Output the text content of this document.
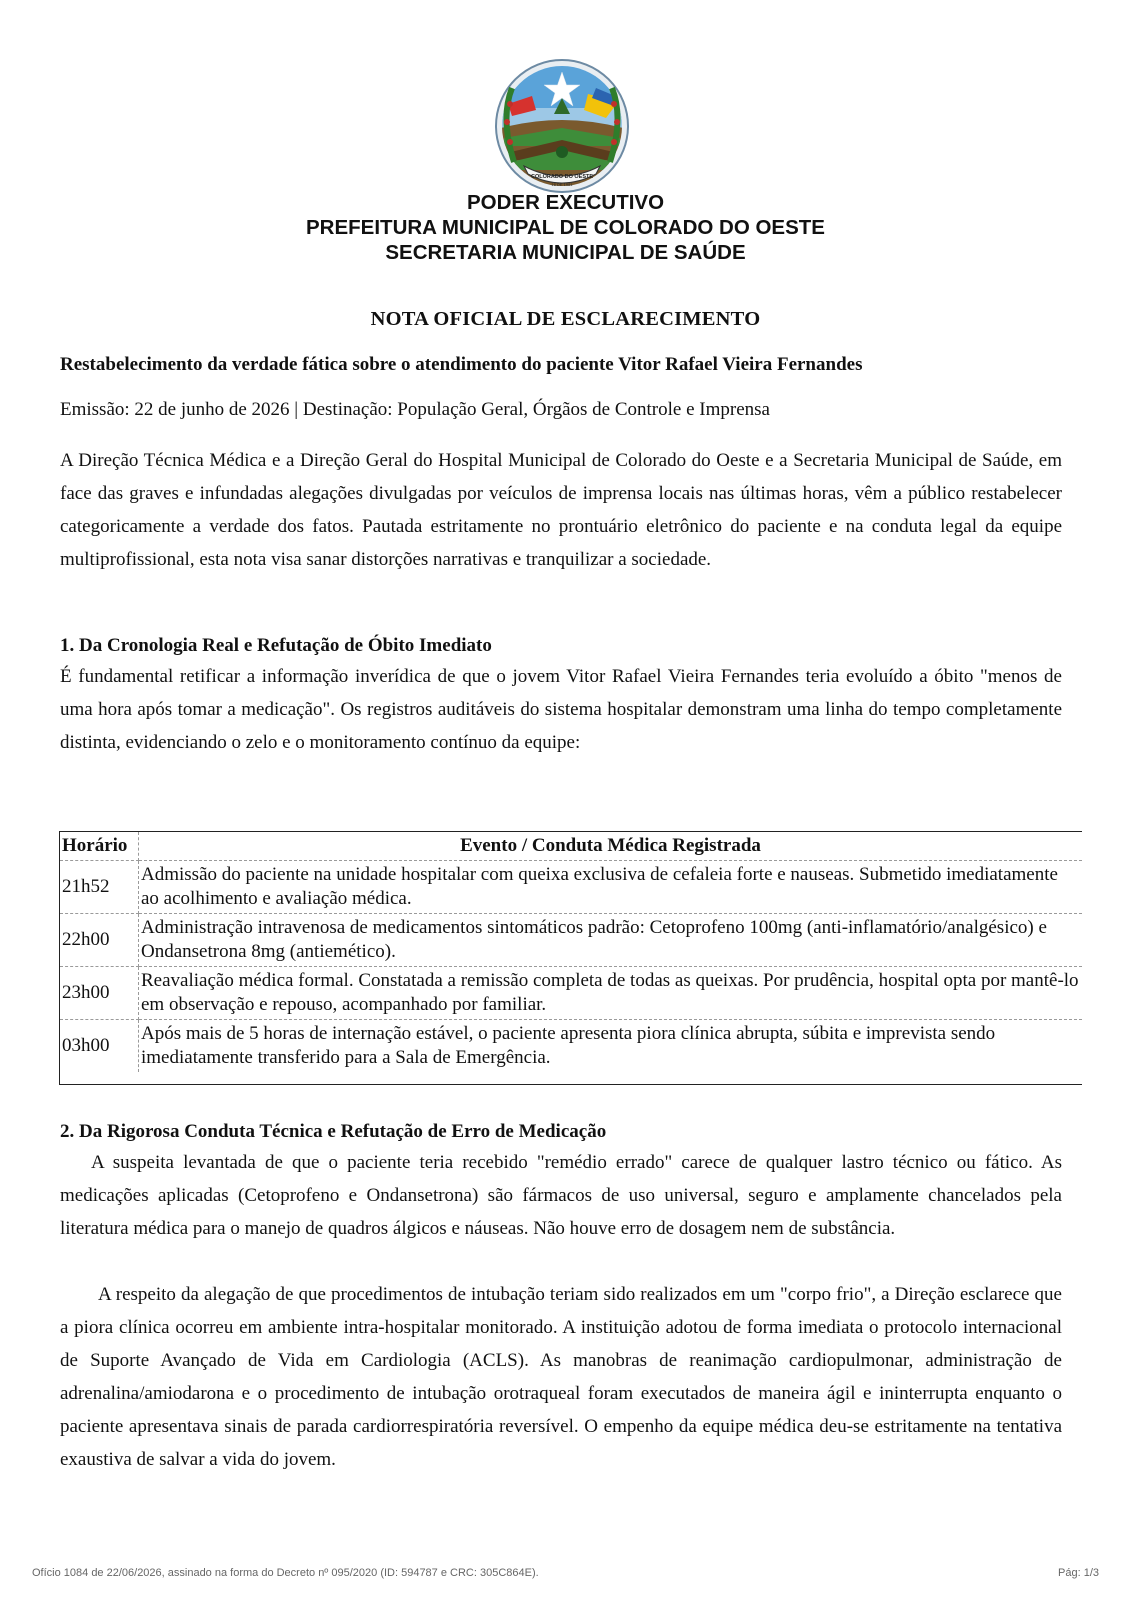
COLORADO DO OESTE
16 DE 1981
PODER EXECUTIVO
PREFEITURA MUNICIPAL DE COLORADO DO OESTE
SECRETARIA MUNICIPAL DE SAÚDE
NOTA OFICIAL DE ESCLARECIMENTO
Restabelecimento da verdade fática sobre o atendimento do paciente Vitor Rafael Vieira Fernandes
Emissão: 22 de junho de 2026 | Destinação: População Geral, Órgãos de Controle e Imprensa

A Direção Técnica Médica e a Direção Geral do Hospital Municipal de Colorado do Oeste e a Secretaria Municipal de Saúde, em face das graves e infundadas alegações divulgadas por veículos de imprensa locais nas últimas horas, vêm a público restabelecer categoricamente a verdade dos fatos. Pautada estritamente no prontuário eletrônico do paciente e na conduta legal da equipe multiprofissional, esta nota visa sanar distorções narrativas e tranquilizar a sociedade.

1. Da Cronologia Real e Refutação de Óbito Imediato

É fundamental retificar a informação inverídica de que o jovem Vitor Rafael Vieira Fernandes teria evoluído a óbito "menos de uma hora após tomar a medicação". Os registros auditáveis do sistema hospitalar demonstram uma linha do tempo completamente distinta, evidenciando o zelo e o monitoramento contínuo da equipe:

Horário	Evento / Conduta Médica Registrada
21h52	Admissão do paciente na unidade hospitalar com queixa exclusiva de cefaleia forte e nauseas. Submetido imediatamente ao acolhimento e avaliação médica.
22h00	Administração intravenosa de medicamentos sintomáticos padrão: Cetoprofeno 100mg (anti-inflamatório/analgésico) e Ondansetrona 8mg (antiemético).
23h00	Reavaliação médica formal. Constatada a remissão completa de todas as queixas. Por prudência, hospital opta por mantê-lo em observação e repouso, acompanhado por familiar.
03h00	Após mais de 5 horas de internação estável, o paciente apresenta piora clínica abrupta, súbita e imprevista sendo imediatamente transferido para a Sala de Emergência.
2. Da Rigorosa Conduta Técnica e Refutação de Erro de Medicação

A suspeita levantada de que o paciente teria recebido "remédio errado" carece de qualquer lastro técnico ou fático. As medicações aplicadas (Cetoprofeno e Ondansetrona) são fármacos de uso universal, seguro e amplamente chancelados pela literatura médica para o manejo de quadros álgicos e náuseas. Não houve erro de dosagem nem de substância.

A respeito da alegação de que procedimentos de intubação teriam sido realizados em um "corpo frio", a Direção esclarece que a piora clínica ocorreu em ambiente intra-hospitalar monitorado. A instituição adotou de forma imediata o protocolo internacional de Suporte Avançado de Vida em Cardiologia (ACLS). As manobras de reanimação cardiopulmonar, administração de adrenalina/amiodarona e o procedimento de intubação orotraqueal foram executados de maneira ágil e ininterrupta enquanto o paciente apresentava sinais de parada cardiorrespiratória reversível. O empenho da equipe médica deu-se estritamente na tentativa exaustiva de salvar a vida do jovem.

Ofício 1084 de 22/06/2026, assinado na forma do Decreto nº 095/2020 (ID: 594787 e CRC: 305C864E).	Pág: 1/3
